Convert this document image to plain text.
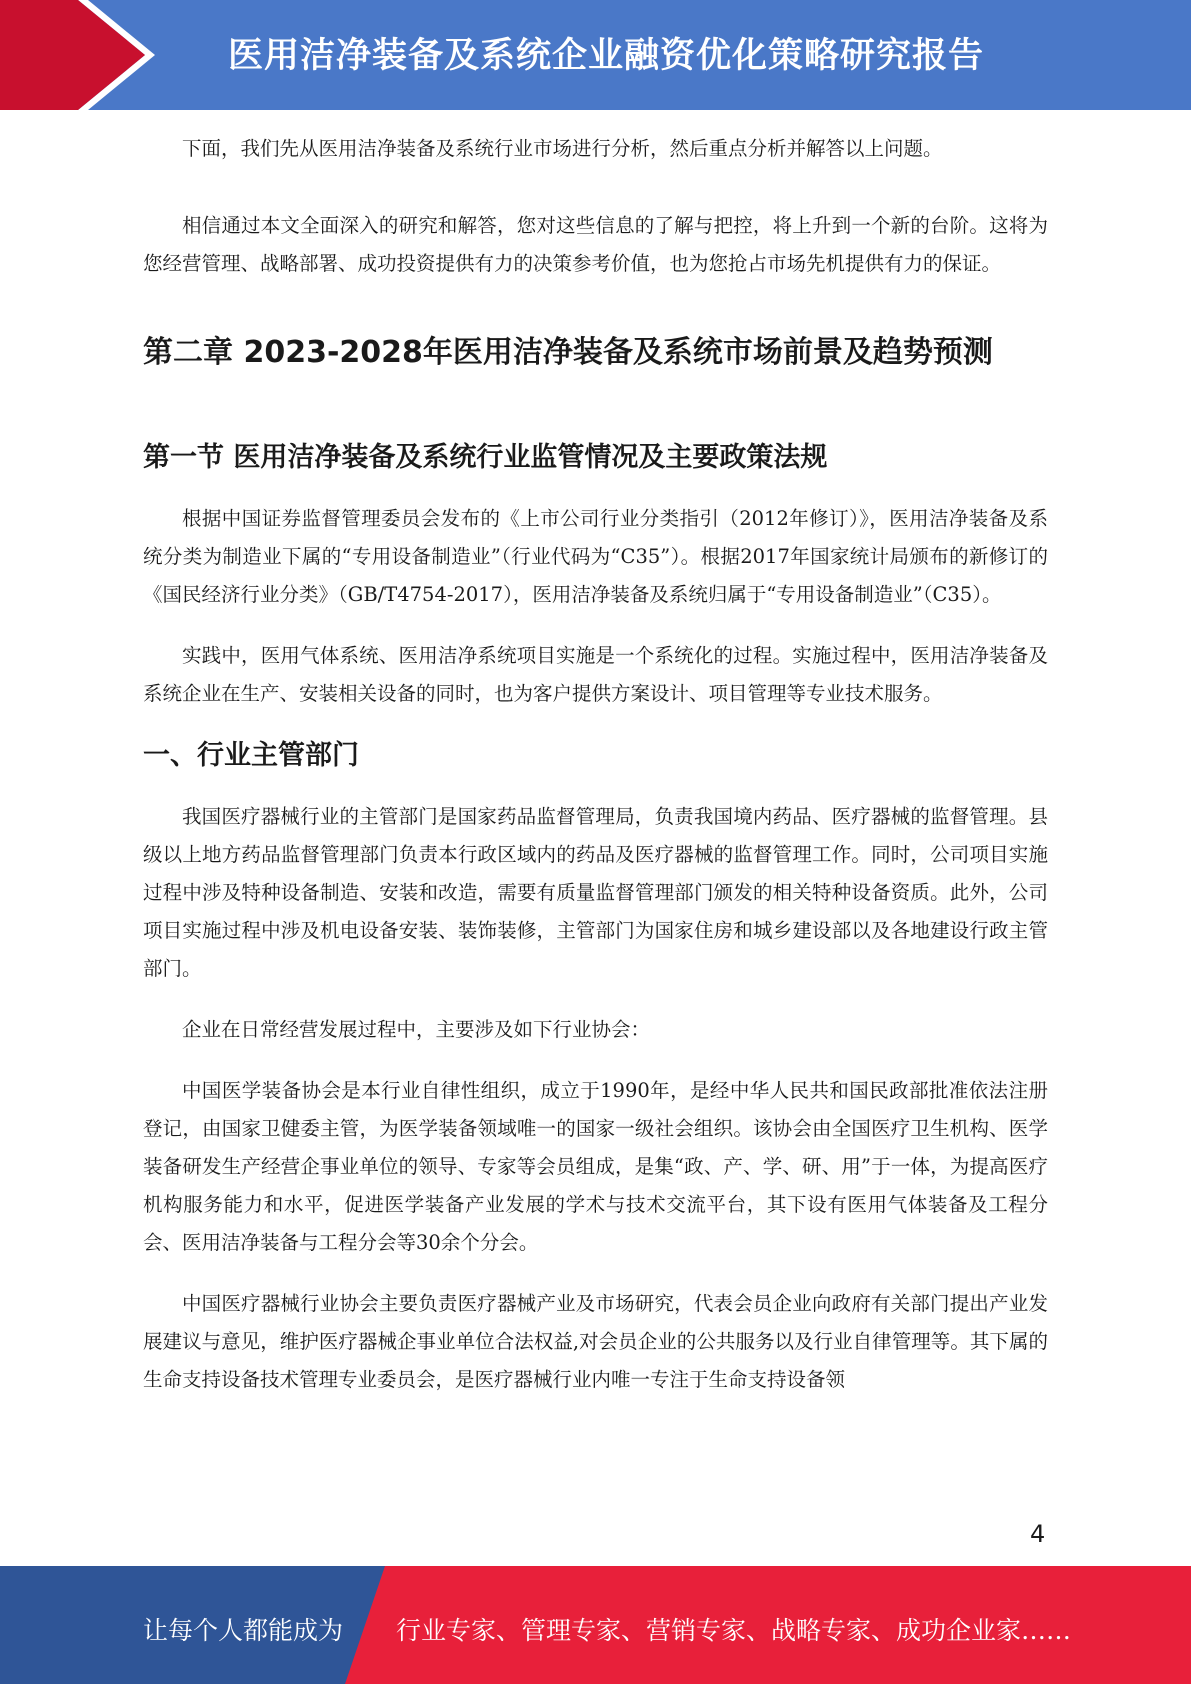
医用洁净装备及系统企业融资优化策略研究报告

下面，我们先从医用洁净装备及系统行业市场进行分析，然后重点分析并解答以上问题。

相信通过本文全面深入的研究和解答，您对这些信息的了解与把控，将上升到一个新的台阶。这将为您经营管理、战略部署、成功投资提供有力的决策参考价值，也为您抢占市场先机提供有力的保证。

第二章 2023-2028年医用洁净装备及系统市场前景及趋势预测
第一节 医用洁净装备及系统行业监管情况及主要政策法规

根据中国证券监督管理委员会发布的《上市公司行业分类指引（2012年修订）》，医用洁净装备及系统分类为制造业下属的“专用设备制造业”（行业代码为“C35”）。根据2017年国家统计局颁布的新修订的《国民经济行业分类》（GB/T4754-2017），医用洁净装备及系统归属于“专用设备制造业”（C35）。

实践中，医用气体系统、医用洁净系统项目实施是一个系统化的过程。实施过程中，医用洁净装备及系统企业在生产、安装相关设备的同时，也为客户提供方案设计、项目管理等专业技术服务。

一、行业主管部门

我国医疗器械行业的主管部门是国家药品监督管理局，负责我国境内药品、医疗器械的监督管理。县级以上地方药品监督管理部门负责本行政区域内的药品及医疗器械的监督管理工作。同时，公司项目实施过程中涉及特种设备制造、安装和改造，需要有质量监督管理部门颁发的相关特种设备资质。此外，公司项目实施过程中涉及机电设备安装、装饰装修，主管部门为国家住房和城乡建设部以及各地建设行政主管部门。

企业在日常经营发展过程中，主要涉及如下行业协会：

中国医学装备协会是本行业自律性组织，成立于1990年，是经中华人民共和国民政部批准依法注册登记，由国家卫健委主管，为医学装备领域唯一的国家一级社会组织。该协会由全国医疗卫生机构、医学装备研发生产经营企事业单位的领导、专家等会员组成，是集“政、产、学、研、用”于一体，为提高医疗机构服务能力和水平，促进医学装备产业发展的学术与技术交流平台，其下设有医用气体装备及工程分会、医用洁净装备与工程分会等30余个分会。

中国医疗器械行业协会主要负责医疗器械产业及市场研究，代表会员企业向政府有关部门提出产业发展建议与意见，维护医疗器械企事业单位合法权益,对会员企业的公共服务以及行业自律管理等。其下属的生命支持设备技术管理专业委员会，是医疗器械行业内唯一专注于生命支持设备领

4
让每个人都能成为 行业专家、管理专家、营销专家、战略专家、成功企业家……
